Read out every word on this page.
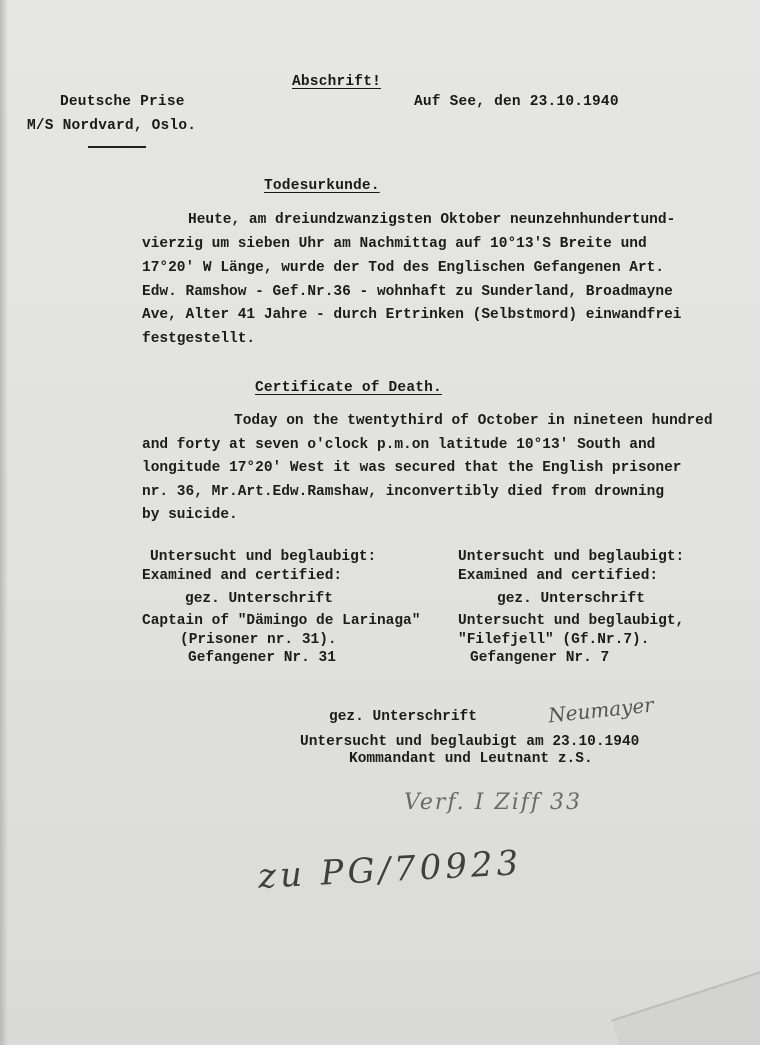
Abschrift!
Deutsche Prise
M/S Nordvard, Oslo.
Auf See, den 23.10.1940
Todesurkunde.
Heute, am dreiundzwanzigsten Oktober neunzehnhundertund-
vierzig um sieben Uhr am Nachmittag auf 10°13'S Breite und
17°20' W Länge, wurde der Tod des Englischen Gefangenen Art.
Edw. Ramshow - Gef.Nr.36 - wohnhaft zu Sunderland, Broadmayne
Ave, Alter 41 Jahre - durch Ertrinken (Selbstmord) einwandfrei
festgestellt.
Certificate of Death.
Today on the twentythird of October in nineteen hundred
and forty at seven o'clock p.m.on latitude 10°13' South and
longitude 17°20' West it was secured that the English prisoner
nr. 36, Mr.Art.Edw.Ramshaw, inconvertibly died from drowning
by suicide.
Untersucht und beglaubigt:
Examined and certified:
gez. Unterschrift
Captain of "Dämingo de Larinaga"
(Prisoner nr. 31).
Gefangener Nr. 31
Untersucht und beglaubigt:
Examined and certified:
gez. Unterschrift
Untersucht und beglaubigt,
"Filefjell" (Gf.Nr.7).
Gefangener Nr. 7
gez. Unterschrift
Untersucht und beglaubigt am 23.10.1940
Kommandant und Leutnant z.S.
Neumayer
Verf. I Ziff 33
zu PG/70923
